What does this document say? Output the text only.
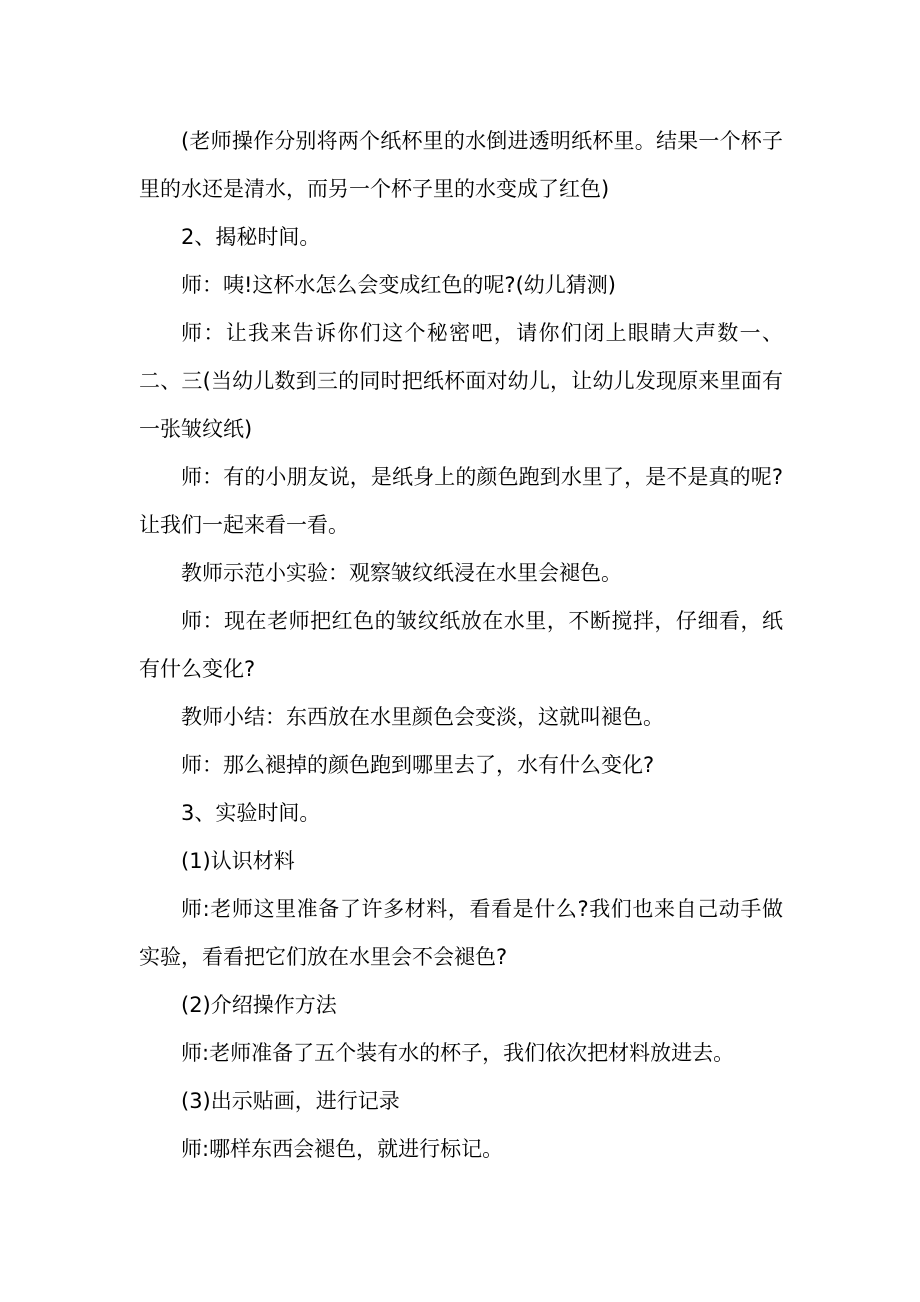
(老师操作分别将两个纸杯里的水倒进透明纸杯里。结果一个杯子里的水还是清水，而另一个杯子里的水变成了红色)

2、揭秘时间。

师：咦!这杯水怎么会变成红色的呢?(幼儿猜测)

师：让我来告诉你们这个秘密吧，请你们闭上眼睛大声数一、二、三(当幼儿数到三的同时把纸杯面对幼儿，让幼儿发现原来里面有一张皱纹纸)

师：有的小朋友说，是纸身上的颜色跑到水里了，是不是真的呢?让我们一起来看一看。

教师示范小实验：观察皱纹纸浸在水里会褪色。

师：现在老师把红色的皱纹纸放在水里，不断搅拌，仔细看，纸有什么变化?

教师小结：东西放在水里颜色会变淡，这就叫褪色。

师：那么褪掉的颜色跑到哪里去了，水有什么变化?

3、实验时间。

(1)认识材料

师:老师这里准备了许多材料，看看是什么?我们也来自己动手做实验，看看把它们放在水里会不会褪色?

(2)介绍操作方法

师:老师准备了五个装有水的杯子，我们依次把材料放进去。

(3)出示贴画，进行记录

师:哪样东西会褪色，就进行标记。
